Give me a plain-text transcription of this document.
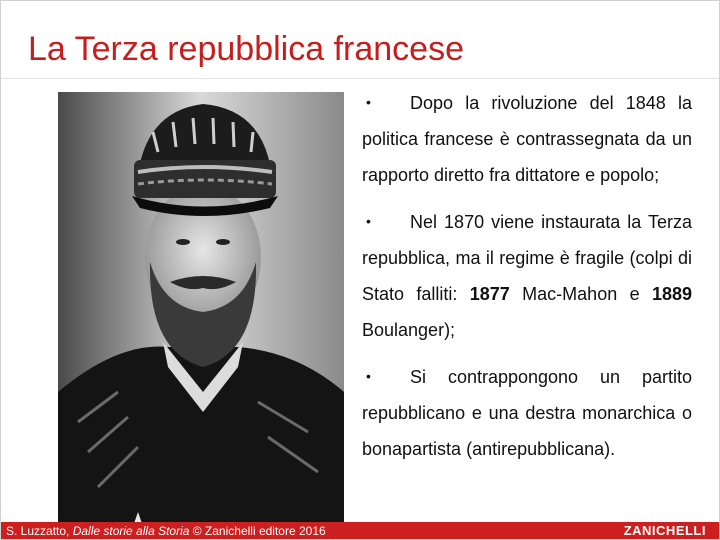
La Terza repubblica francese

• Dopo la rivoluzione del 1848 la politica francese è contrassegnata da un rapporto diretto fra dittatore e popolo;

• Nel 1870 viene instaurata la Terza repubblica, ma il regime è fragile (colpi di Stato falliti: 1877 Mac-Mahon e 1889 Boulanger);

• Si contrappongono un partito repubblicano e una destra monarchica o bonapartista (antirepubblicana).

S. Luzzatto, Dalle storie alla Storia © Zanichelli editore 2016	ZANICHELLI
